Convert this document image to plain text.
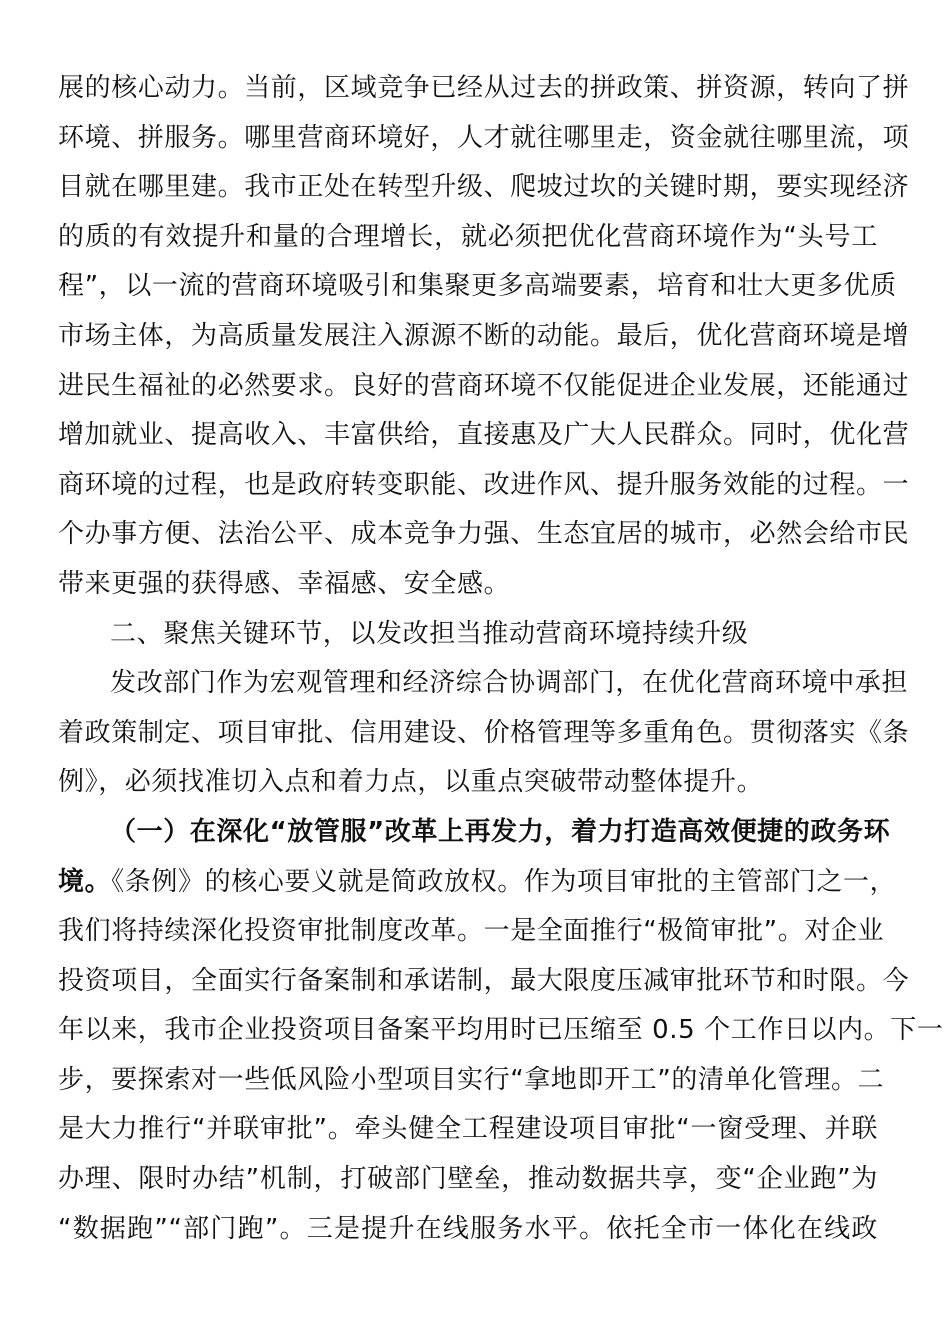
展的核心动力。当前，区域竞争已经从过去的拼政策、拼资源，转向了拼
环境、拼服务。哪里营商环境好，人才就往哪里走，资金就往哪里流，项
目就在哪里建。我市正处在转型升级、爬坡过坎的关键时期，要实现经济
的质的有效提升和量的合理增长，就必须把优化营商环境作为“头号工
程”，以一流的营商环境吸引和集聚更多高端要素，培育和壮大更多优质
市场主体，为高质量发展注入源源不断的动能。最后，优化营商环境是增
进民生福祉的必然要求。良好的营商环境不仅能促进企业发展，还能通过
增加就业、提高收入、丰富供给，直接惠及广大人民群众。同时，优化营
商环境的过程，也是政府转变职能、改进作风、提升服务效能的过程。一
个办事方便、法治公平、成本竞争力强、生态宜居的城市，必然会给市民
带来更强的获得感、幸福感、安全感。
二、聚焦关键环节，以发改担当推动营商环境持续升级
发改部门作为宏观管理和经济综合协调部门，在优化营商环境中承担
着政策制定、项目审批、信用建设、价格管理等多重角色。贯彻落实《条
例》，必须找准切入点和着力点，以重点突破带动整体提升。
（一）在深化“放管服”改革上再发力，着力打造高效便捷的政务环
境。《条例》的核心要义就是简政放权。作为项目审批的主管部门之一，
我们将持续深化投资审批制度改革。一是全面推行“极简审批”。对企业
投资项目，全面实行备案制和承诺制，最大限度压减审批环节和时限。今
年以来，我市企业投资项目备案平均用时已压缩至 0.5 个工作日以内。下一
步，要探索对一些低风险小型项目实行“拿地即开工”的清单化管理。二
是大力推行“并联审批”。牵头健全工程建设项目审批“一窗受理、并联
办理、限时办结”机制，打破部门壁垒，推动数据共享，变“企业跑”为
“数据跑”“部门跑”。三是提升在线服务水平。依托全市一体化在线政
